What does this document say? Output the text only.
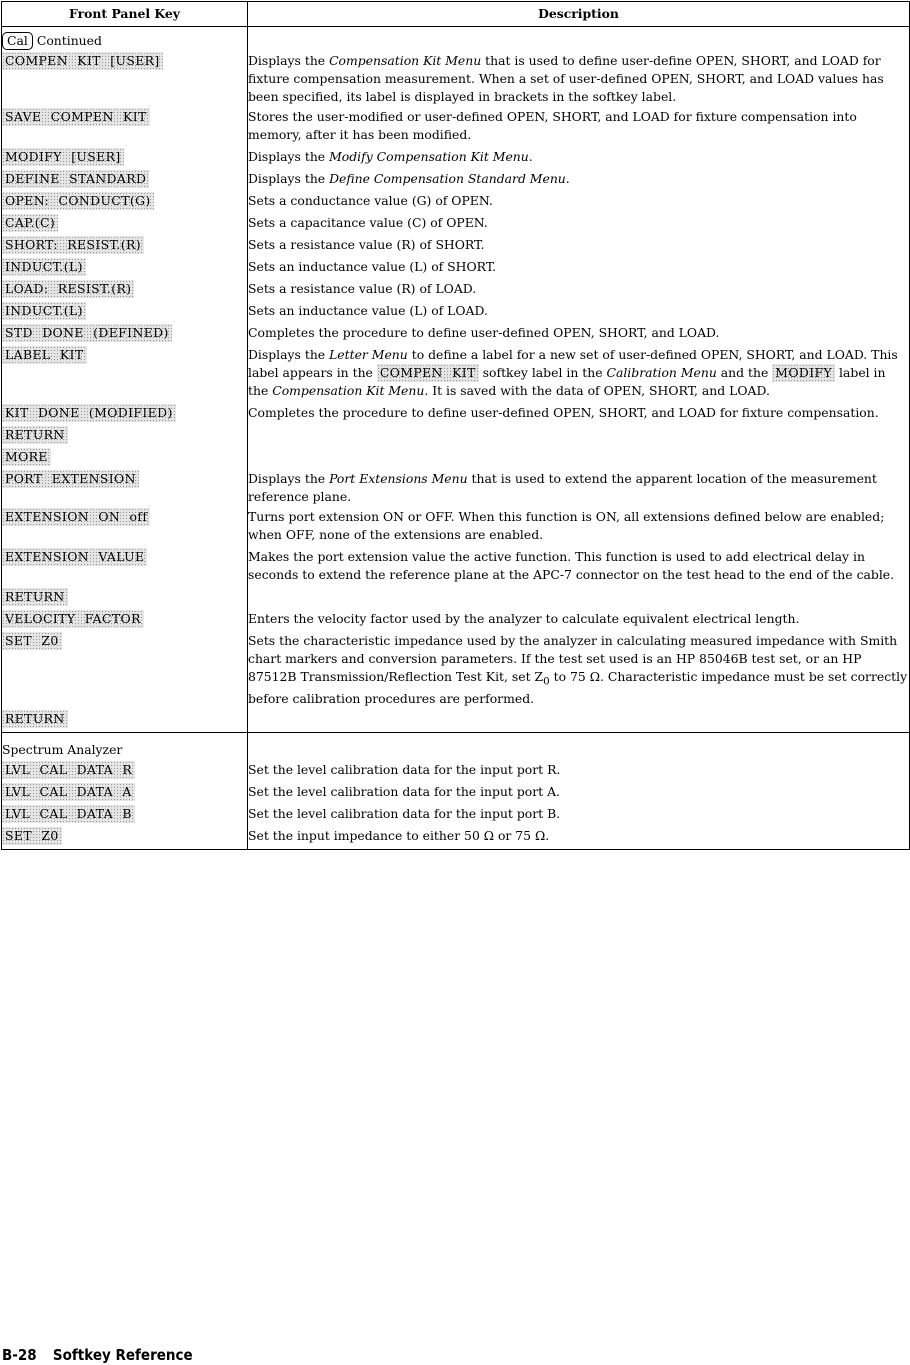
Front Panel Key	Description
Cal Continued	
COMPEN KIT [USER]	Displays the Compensation Kit Menu that is used to define user-define OPEN, SHORT, and LOAD for fixture compensation measurement. When a set of user-defined OPEN, SHORT, and LOAD values has been specified, its label is displayed in brackets in the softkey label.
SAVE COMPEN KIT	Stores the user-modified or user-defined OPEN, SHORT, and LOAD for fixture compensation into memory, after it has been modified.
MODIFY [USER]	Displays the Modify Compensation Kit Menu.
DEFINE STANDARD	Displays the Define Compensation Standard Menu.
OPEN: CONDUCT(G)	Sets a conductance value (G) of OPEN.
CAP.(C)	Sets a capacitance value (C) of OPEN.
SHORT: RESIST.(R)	Sets a resistance value (R) of SHORT.
INDUCT.(L)	Sets an inductance value (L) of SHORT.
LOAD: RESIST.(R)	Sets a resistance value (R) of LOAD.
INDUCT.(L)	Sets an inductance value (L) of LOAD.
STD DONE (DEFINED)	Completes the procedure to define user-defined OPEN, SHORT, and LOAD.
LABEL KIT	Displays the Letter Menu to define a label for a new set of user-defined OPEN, SHORT, and LOAD. This label appears in the COMPEN KIT softkey label in the Calibration Menu and the MODIFY label in the Compensation Kit Menu. It is saved with the data of OPEN, SHORT, and LOAD.
KIT DONE (MODIFIED)	Completes the procedure to define user-defined OPEN, SHORT, and LOAD for fixture compensation.
RETURN	
MORE	
PORT EXTENSION	Displays the Port Extensions Menu that is used to extend the apparent location of the measurement reference plane.
EXTENSION ON off	Turns port extension ON or OFF. When this function is ON, all extensions defined below are enabled; when OFF, none of the extensions are enabled.
EXTENSION VALUE	Makes the port extension value the active function. This function is used to add electrical delay in seconds to extend the reference plane at the APC-7 connector on the test head to the end of the cable.
RETURN	
VELOCITY FACTOR	Enters the velocity factor used by the analyzer to calculate equivalent electrical length.
SET Z0	Sets the characteristic impedance used by the analyzer in calculating measured impedance with Smith chart markers and conversion parameters. If the test set used is an HP 85046B test set, or an HP 87512B Transmission/Reflection Test Kit, set $Z_0$ to 75 Ω. Characteristic impedance must be set correctly before calibration procedures are performed.
RETURN	
Spectrum Analyzer	
LVL CAL DATA R	Set the level calibration data for the input port R.
LVL CAL DATA A	Set the level calibration data for the input port A.
LVL CAL DATA B	Set the level calibration data for the input port B.
SET Z0	Set the input impedance to either 50 Ω or 75 Ω.
B-28 Softkey Reference
